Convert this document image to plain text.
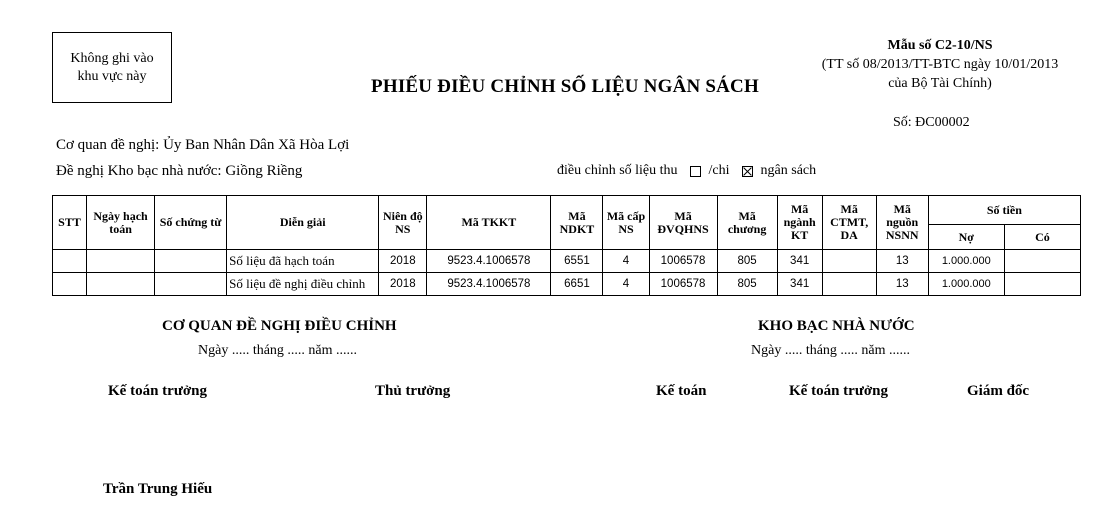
Không ghi vào
khu vực này
Mẫu số C2-10/NS
(TT số 08/2013/TT-BTC ngày 10/01/2013
của Bộ Tài Chính)
PHIẾU ĐIỀU CHỈNH SỐ LIỆU NGÂN SÁCH
Số: ĐC00002
Cơ quan đề nghị: Ủy Ban Nhân Dân Xã Hòa Lợi
Đề nghị Kho bạc nhà nước: Giồng Riềng	điều chỉnh số liệu thu /chi ngân sách
STT	Ngày hạch toán	Số chứng từ	Diễn giải	Niên độ NS	Mã TKKT	Mã NDKT	Mã cấp NS	Mã ĐVQHNS	Mã chương	Mã ngành KT	Mã CTMT, DA	Mã nguồn NSNN	Số tiền	
													Nợ	Có
			Số liệu đã hạch toán	2018	9523.4.1006578	6551	4	1006578	805	341		13	1.000.000	
			Số liệu đề nghị điều chỉnh	2018	9523.4.1006578	6651	4	1006578	805	341		13	1.000.000	
CƠ QUAN ĐỀ NGHỊ ĐIỀU CHỈNH
Ngày ..... tháng ..... năm ......
KHO BẠC NHÀ NƯỚC
Ngày ..... tháng ..... năm ......
Kế toán trưởng	Thủ trưởng	Kế toán	Kế toán trưởng	Giám đốc
Trần Trung Hiếu
